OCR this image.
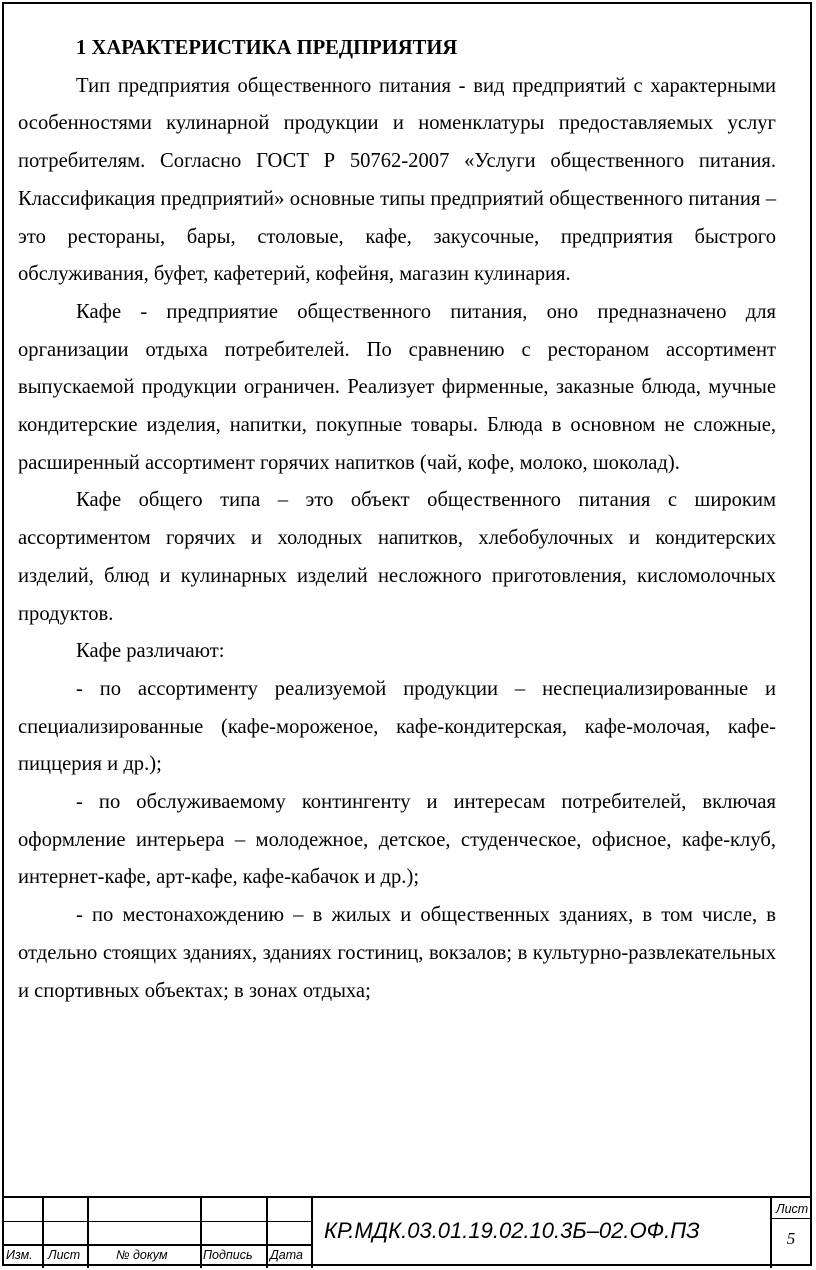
1 ХАРАКТЕРИСТИКА ПРЕДПРИЯТИЯ

Тип предприятия общественного питания - вид предприятий с характерными особенностями кулинарной продукции и номенклатуры предоставляемых услуг потребителям. Согласно ГОСТ Р 50762-2007 «Услуги общественного питания. Классификация предприятий» основные типы предприятий общественного питания – это рестораны, бары, столовые, кафе, закусочные, предприятия быстрого обслуживания, буфет, кафетерий, кофейня, магазин кулинария.

Кафе - предприятие общественного питания, оно предназначено для организации отдыха потребителей. По сравнению с рестораном ассортимент выпускаемой продукции ограничен. Реализует фирменные, заказные блюда, мучные кондитерские изделия, напитки, покупные товары. Блюда в основном не сложные, расширенный ассортимент горячих напитков (чай, кофе, молоко, шоколад).

Кафе общего типа – это объект общественного питания с широким ассортиментом горячих и холодных напитков, хлебобулочных и кондитерских изделий, блюд и кулинарных изделий несложного приготовления, кисломолочных продуктов.

Кафе различают:

- по ассортименту реализуемой продукции – неспециализированные и специализированные (кафе-мороженое, кафе-кондитерская, кафе-молочая, кафе-пиццерия и др.);

- по обслуживаемому контингенту и интересам потребителей, включая оформление интерьера – молодежное, детское, студенческое, офисное, кафе-клуб, интернет-кафе, арт-кафе, кафе-кабачок и др.);

- по местонахождению – в жилых и общественных зданиях, в том числе, в отдельно стоящих зданиях, зданиях гостиниц, вокзалов; в культурно-развлекательных и спортивных объектах; в зонах отдыха;

Изм. Лист	№ докум	Подпись Дата
КР.МДК.03.01.19.02.10.3Б–02.ОФ.ПЗ
Лист
5
